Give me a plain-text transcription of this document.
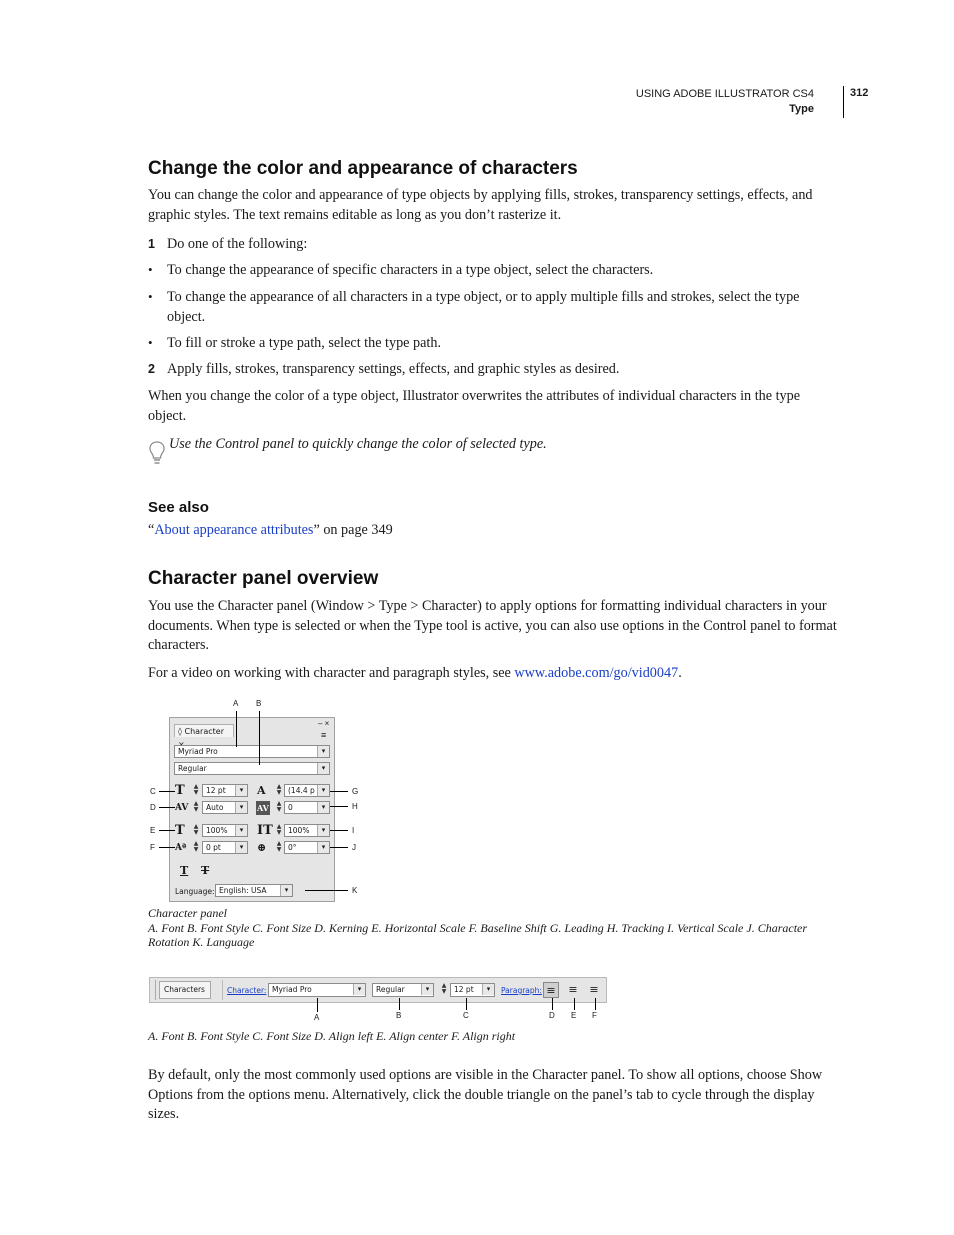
USING ADOBE ILLUSTRATOR CS4
Type
312
Change the color and appearance of characters

You can change the color and appearance of type objects by applying fills, strokes, transparency settings, effects, and graphic styles. The text remains editable as long as you don’t rasterize it.

1 Do one of the following:

• To change the appearance of specific characters in a type object, select the characters.

• To change the appearance of all characters in a type object, or to apply multiple fills and strokes, select the type object.

• To fill or stroke a type path, select the type path.

2 Apply fills, strokes, transparency settings, effects, and graphic styles as desired.

When you change the color of a type object, Illustrator overwrites the attributes of individual characters in the type object.

Use the Control panel to quickly change the color of selected type.

See also

“About appearance attributes” on page 349

Character panel overview

You use the Character panel (Window > Type > Character) to apply options for formatting individual characters in your documents. When type is selected or when the Type tool is active, you can also use options in the Control panel to format characters.

For a video on working with character and paragraph styles, see www.adobe.com/go/vid0047.

◊ Character
– ×
≡
Myriad Pro	▾
Regular	▾
T ▲
▼	12 pt	▾	A ▲
▼ (14.4 p ▾
AV ▲
▼	Auto	▾	AV ▲
▼ 0	▾
T ▲
▼	100%	▾ IT ▲
▼ 100%	▾
Aª ▲
▼	0 pt	▾	⊕ ▲
▼ 0°	▾
T T
Language: English: USA	▾
A B
C
D
E
F
G
H
I
J
K
Character panel
A. Font B. Font Style C. Font Size D. Kerning E. Horizontal Scale F. Baseline Shift G. Leading H. Tracking I. Vertical Scale J. Character Rotation K. Language
Characters	Character: Myriad Pro	▾	Regular	▾	▲
▼	12 pt	▾	Paragraph: ≡	≡	≡
A	B	C	D E F
A. Font B. Font Style C. Font Size D. Align left E. Align center F. Align right

By default, only the most commonly used options are visible in the Character panel. To show all options, choose Show Options from the options menu. Alternatively, click the double triangle on the panel’s tab to cycle through the display sizes.
